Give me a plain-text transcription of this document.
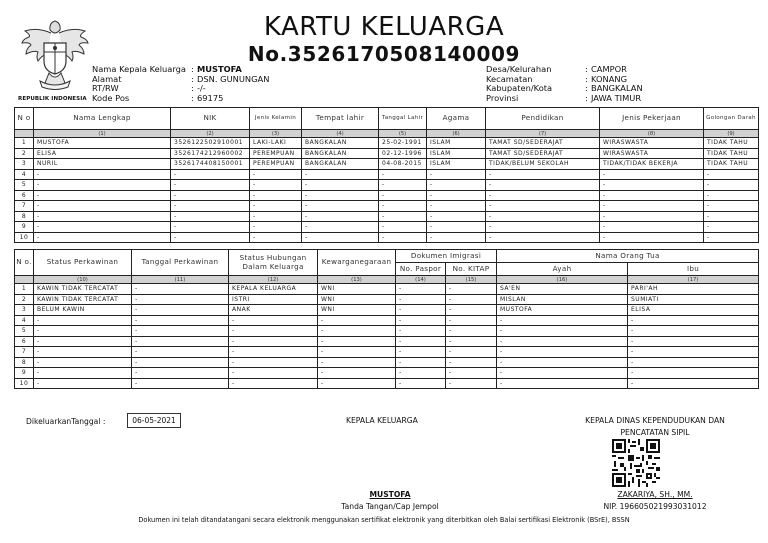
REPUBLIK INDONESIA
KARTU KELUARGA
No.3526170508140009
Nama Kepala Keluarga : MUSTOFA
Alamat	: DSN. GUNUNGAN
RT/RW	: -/-
Kode Pos	: 69175
Desa/Kelurahan	: CAMPOR
Kecamatan	: KONANG
Kabupaten/Kota	: BANGKALAN
Provinsi	: JAWA TIMUR
N o	Nama Lengkap	NIK	Jenis Kelamin	Tempat lahir	Tanggal Lahir	Agama	Pendidikan	Jenis Pekerjaan	Golongan Darah
	(1)	(2)	(3)	(4)	(5)	(6)	(7)	(8)	(9)
1	MUSTOFA	3526122502910001	LAKI-LAKI	BANGKALAN	25-02-1991	ISLAM	TAMAT SD/SEDERAJAT	WIRASWASTA	TIDAK TAHU
2	ELISA	3526174212960002	PEREMPUAN	BANGKALAN	02-12-1996	ISLAM	TAMAT SD/SEDERAJAT	WIRASWASTA	TIDAK TAHU
3	NURIL	3526174408150001	PEREMPUAN	BANGKALAN	04-08-2015	ISLAM	TIDAK/BELUM SEKOLAH	TIDAK/TIDAK BEKERJA	TIDAK TAHU
4	-	-	-	-	-	-	-	-	-
5	-	-	-	-	-	-	-	-	-
6	-	-	-	-	-	-	-	-	-
7	-	-	-	-	-	-	-	-	-
8	-	-	-	-	-	-	-	-	-
9	-	-	-	-	-	-	-	-	-
10	-	-	-	-	-	-	-	-	-
N o.	Status Perkawinan	Tanggal Perkawinan	Status Hubungan Dalam Keluarga	Kewarganegaraan	Dokumen Imigrasi		Nama Orang Tua	
					No. Paspor	No. KITAP	Ayah	Ibu
	(10)	(11)	(12)	(13)	(14)	(15)	(16)	(17)
1	KAWIN TIDAK TERCATAT	-	KEPALA KELUARGA	WNI	-	-	SA'EN	PARI'AH
2	KAWIN TIDAK TERCATAT	-	ISTRI	WNI	-	-	MISLAN	SUMIATI
3	BELUM KAWIN	-	ANAK	WNI	-	-	MUSTOFA	ELISA
4	-	-	-	-	-	-	-	-
5	-	-	-	-	-	-	-	-
6	-	-	-	-	-	-	-	-
7	-	-	-	-	-	-	-	-
8	-	-	-	-	-	-	-	-
9	-	-	-	-	-	-	-	-
10	-	-	-	-	-	-	-	-
DikeluarkanTanggal :	06-05-2021	KEPALA KELUARGA
MUSTOFA
Tanda Tangan/Cap Jempol
KEPALA DINAS KEPENDUDUKAN DAN
PENCATATAN SIPIL
ZAKARIYA, SH., MM.
NIP. 196605021993031012
Dokumen ini telah ditandatangani secara elektronik menggunakan sertifikat elektronik yang diterbitkan oleh Balai sertifikasi Elektronik (BSrE), BSSN
